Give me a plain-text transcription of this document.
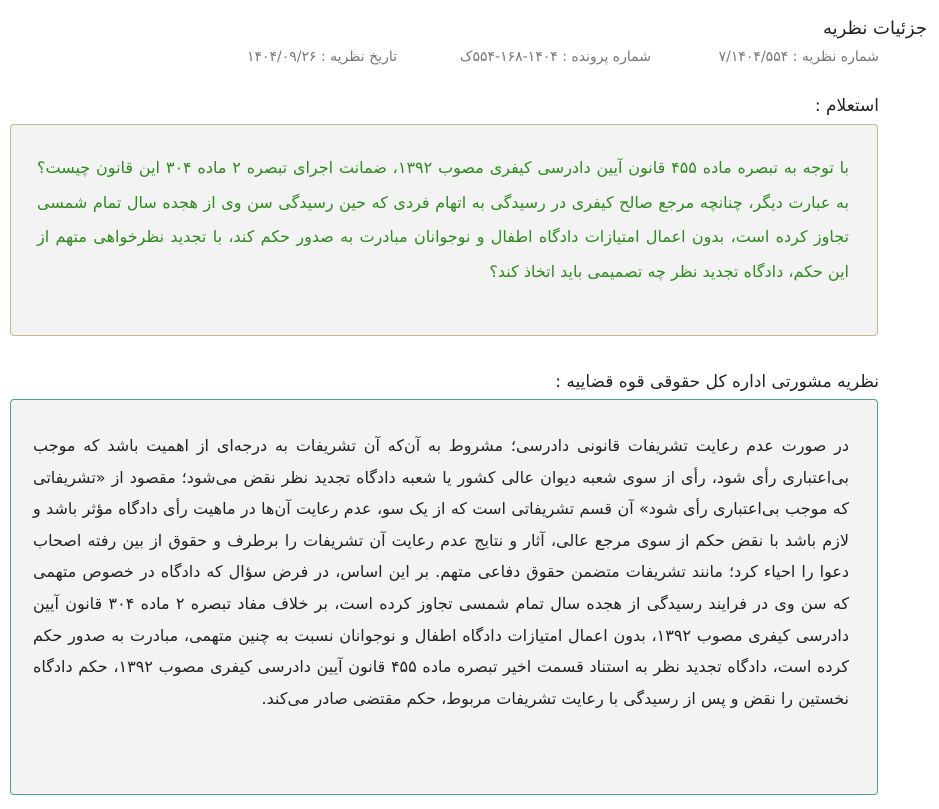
جزئیات نظریه
شماره نظریه : ۷/۱۴۰۴/۵۵۴
شماره پرونده : ۱۴۰۴-۱۶۸-۵۵۴ک
تاریخ نظریه : ۱۴۰۴/۰۹/۲۶
استعلام :

با توجه به تبصره ماده ۴۵۵ قانون آیین دادرسی کیفری مصوب ۱۳۹۲، ضمانت اجرای تبصره ۲ ماده ۳۰۴ این قانون چیست؟ به عبارت دیگر، چنانچه مرجع صالح کیفری در رسیدگی به اتهام فردی که حین رسیدگی سن وی از هجده سال تمام شمسی تجاوز کرده است، بدون اعمال امتیازات دادگاه اطفال و نوجوانان مبادرت به صدور حکم کند، با تجدید نظرخواهی متهم از این حکم، دادگاه تجدید نظر چه تصمیمی باید اتخاذ کند؟

نظریه مشورتی اداره کل حقوقی قوه قضاییه :

در صورت عدم رعایت تشریفات قانونی دادرسی؛ مشروط به آن‌که آن تشریفات به درجه‌ای از اهمیت باشد که موجب بی‌اعتباری رأی شود، رأی از سوی شعبه دیوان عالی کشور یا شعبه دادگاه تجدید نظر نقض می‌شود؛ مقصود از «تشریفاتی که موجب بی‌اعتباری رأی شود» آن قسم تشریفاتی است که از یک سو، عدم رعایت آن‌ها در ماهیت رأی دادگاه مؤثر باشد و لازم باشد با نقض حکم از سوی مرجع عالی، آثار و نتایج عدم رعایت آن تشریفات را برطرف و حقوق از بین رفته اصحاب دعوا را احیاء کرد؛ مانند تشریفات متضمن حقوق دفاعی متهم. بر این اساس، در فرض سؤال که دادگاه در خصوص متهمی که سن وی در فرایند رسیدگی از هجده سال تمام شمسی تجاوز کرده است، بر خلاف مفاد تبصره ۲ ماده ۳۰۴ قانون آیین دادرسی کیفری مصوب ۱۳۹۲، بدون اعمال امتیازات دادگاه اطفال و نوجوانان نسبت به چنین متهمی، مبادرت به صدور حکم کرده است، دادگاه تجدید نظر به استناد قسمت اخیر تبصره ماده ۴۵۵ قانون آیین دادرسی کیفری مصوب ۱۳۹۲، حکم دادگاه نخستین را نقض و پس از رسیدگی با رعایت تشریفات مربوط، حکم مقتضی صادر می‌کند.
